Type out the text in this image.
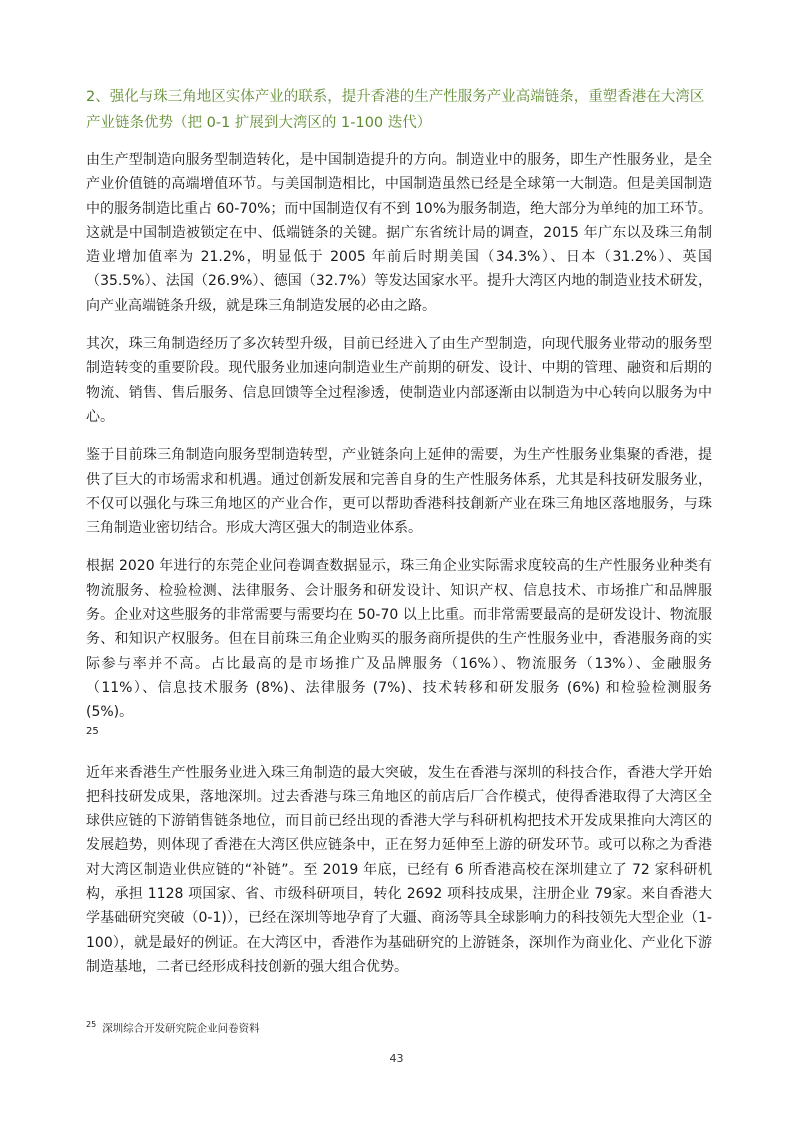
2、强化与珠三角地区实体产业的联系，提升香港的生产性服务产业高端链条，重塑香港在大湾区产业链条优势（把 0-1 扩展到大湾区的 1-100 迭代）

由生产型制造向服务型制造转化，是中国制造提升的方向。制造业中的服务，即生产性服务业，是全产业价值链的高端增值环节。与美国制造相比，中国制造虽然已经是全球第一大制造。但是美国制造中的服务制造比重占 60-70%；而中国制造仅有不到 10%为服务制造，绝大部分为单纯的加工环节。这就是中国制造被锁定在中、低端链条的关键。据广东省统计局的调查，2015 年广东以及珠三角制造业增加值率为 21.2%，明显低于 2005 年前后时期美国（34.3%）、日本（31.2%）、英国（35.5%）、法国（26.9%）、德国（32.7%）等发达国家水平。提升大湾区内地的制造业技术研发，向产业高端链条升级，就是珠三角制造发展的必由之路。

其次，珠三角制造经历了多次转型升级，目前已经进入了由生产型制造，向现代服务业带动的服务型制造转变的重要阶段。现代服务业加速向制造业生产前期的研发、设计、中期的管理、融资和后期的物流、销售、售后服务、信息回馈等全过程渗透，使制造业内部逐渐由以制造为中心转向以服务为中心。

鉴于目前珠三角制造向服务型制造转型，产业链条向上延伸的需要，为生产性服务业集聚的香港，提供了巨大的市场需求和机遇。通过创新发展和完善自身的生产性服务体系，尤其是科技研发服务业，不仅可以强化与珠三角地区的产业合作，更可以帮助香港科技創新产业在珠三角地区落地服务，与珠三角制造业密切结合。形成大湾区强大的制造业体系。

根据 2020 年进行的东莞企业问卷调查数据显示，珠三角企业实际需求度较高的生产性服务业种类有物流服务、检验检测、法律服务、会计服务和研发设计、知识产权、信息技术、市场推广和品牌服务。企业对这些服务的非常需要与需要均在 50-70 以上比重。而非常需要最高的是研发设计、物流服务、和知识产权服务。但在目前珠三角企业购买的服务商所提供的生产性服务业中，香港服务商的实际参与率并不高。占比最高的是市场推广及品牌服务（16%）、物流服务（13%）、金融服务（11%）、信息技术服务 (8%)、法律服务 (7%)、技术转移和研发服务 (6%) 和检验检测服务 (5%)。

25

近年来香港生产性服务业进入珠三角制造的最大突破，发生在香港与深圳的科技合作，香港大学开始把科技研发成果，落地深圳。过去香港与珠三角地区的前店后厂合作模式，使得香港取得了大湾区全球供应链的下游销售链条地位，而目前已经出现的香港大学与科研机构把技术开发成果推向大湾区的发展趋势，则体现了香港在大湾区供应链条中，正在努力延伸至上游的研发环节。或可以称之为香港对大湾区制造业供应链的“补链”。至 2019 年底，已经有 6 所香港高校在深圳建立了 72 家科研机构，承担 1128 项国家、省、市级科研项目，转化 2692 项科技成果，注册企业 79家。来自香港大学基础研究突破（0-1)），已经在深圳等地孕育了大疆、商汤等具全球影响力的科技领先大型企业（1-100），就是最好的例证。在大湾区中，香港作为基础研究的上游链条，深圳作为商业化、产业化下游制造基地，二者已经形成科技创新的强大组合优势。

$^{25}$ 深圳综合开发研究院企业问卷资料
43
